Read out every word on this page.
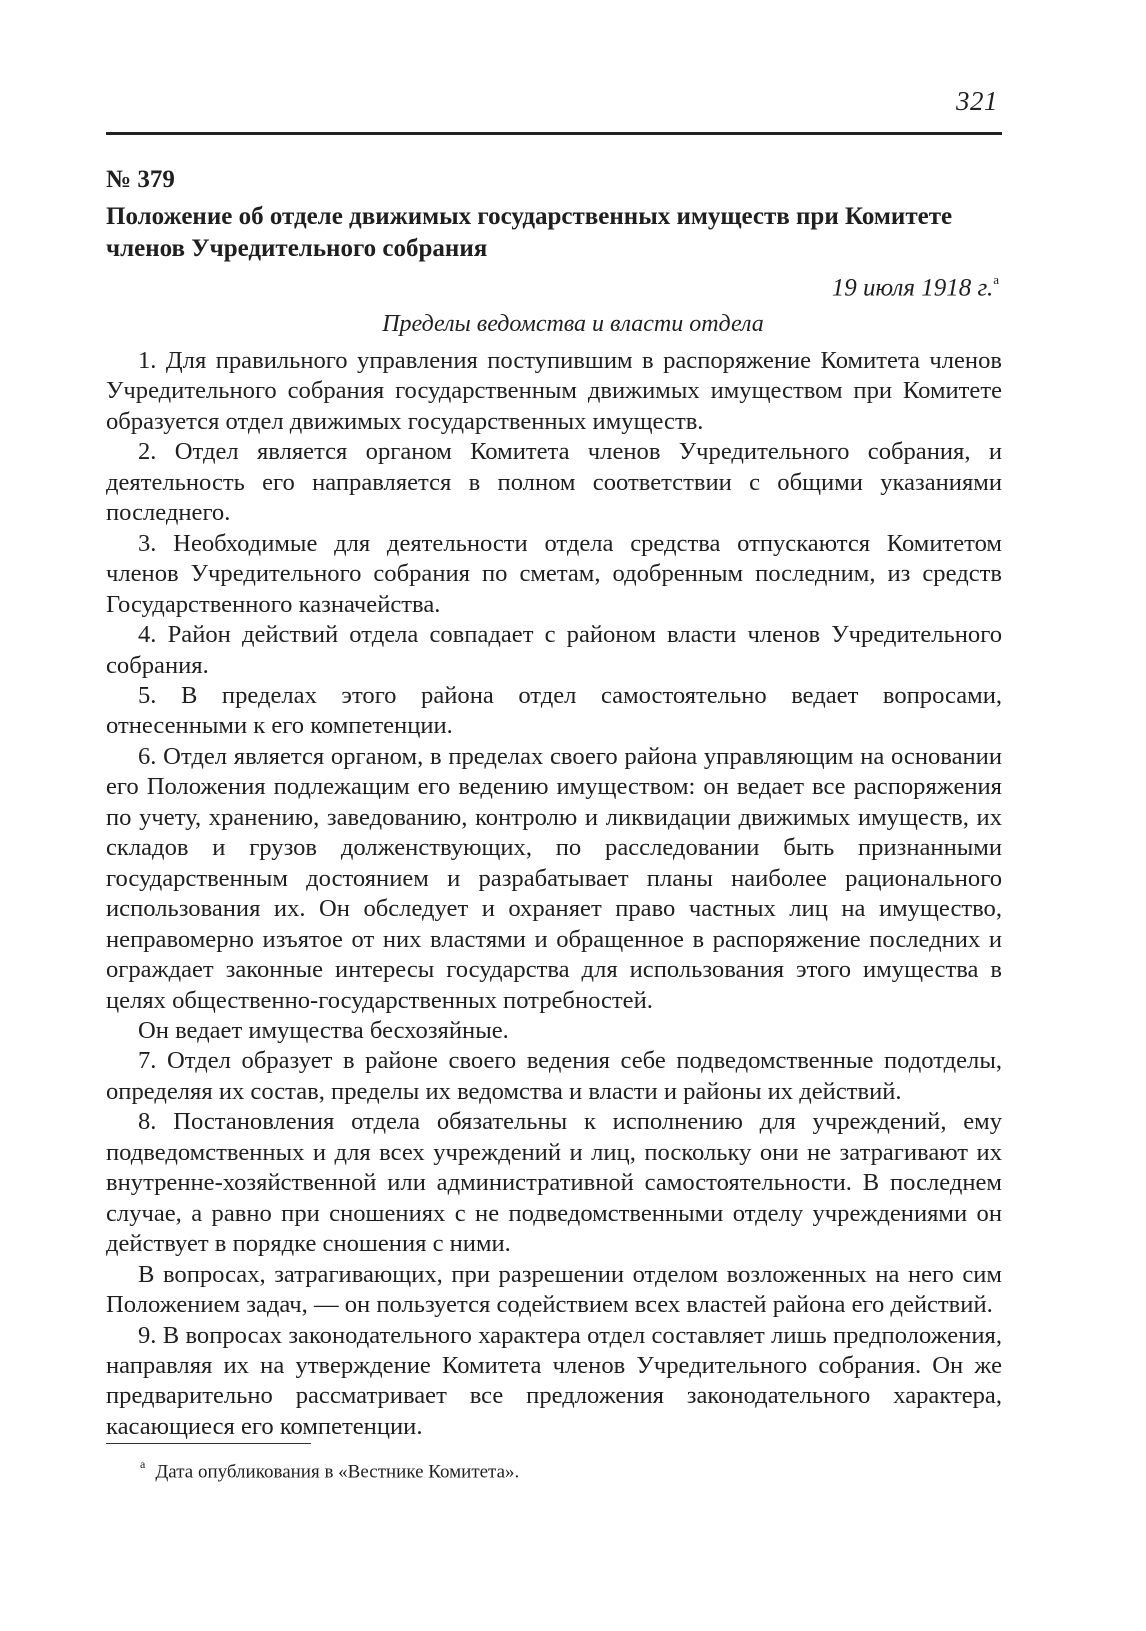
321
№ 379
Положение об отделе движимых государственных имуществ при Комитете членов Учредительного собрания
19 июля 1918 г.$^а$
Пределы ведомства и власти отдела

1. Для правильного управления поступившим в распоряжение Комитета членов Учредительного собрания государственным движимых имуществом при Комитете образуется отдел движимых государственных имуществ.

2. Отдел является органом Комитета членов Учредительного собрания, и деятельность его направляется в полном соответствии с общими указаниями последнего.

3. Необходимые для деятельности отдела средства отпускаются Комитетом членов Учредительного собрания по сметам, одобренным последним, из средств Государственного казначейства.

4. Район действий отдела совпадает с районом власти членов Учредительного собрания.

5. В пределах этого района отдел самостоятельно ведает вопросами, отнесенными к его компетенции.

6. Отдел является органом, в пределах своего района управляющим на основании его Положения подлежащим его ведению имуществом: он ведает все распоряжения по учету, хранению, заведованию, контролю и ликвидации движимых имуществ, их складов и грузов долженствующих, по расследовании быть признанными государственным достоянием и разрабатывает планы наиболее рационального использования их. Он обследует и охраняет право частных лиц на имущество, неправомерно изъятое от них властями и обращенное в распоряжение последних и ограждает законные интересы государства для использования этого имущества в целях общественно-государственных потребностей.

Он ведает имущества бесхозяйные.

7. Отдел образует в районе своего ведения себе подведомственные подотделы, определяя их состав, пределы их ведомства и власти и районы их действий.

8. Постановления отдела обязательны к исполнению для учреждений, ему подведомственных и для всех учреждений и лиц, поскольку они не затрагивают их внутренне-хозяйственной или административной самостоятельности. В последнем случае, а равно при сношениях с не подведомственными отделу учреждениями он действует в порядке сношения с ними.

В вопросах, затрагивающих, при разрешении отделом возложенных на него сим Положением задач, — он пользуется содействием всех властей района его действий.

9. В вопросах законодательного характера отдел составляет лишь предположения, направляя их на утверждение Комитета членов Учредительного собрания. Он же предварительно рассматривает все предложения законодательного характера, касающиеся его компетенции.

$^а$ Дата опубликования в «Вестнике Комитета».
